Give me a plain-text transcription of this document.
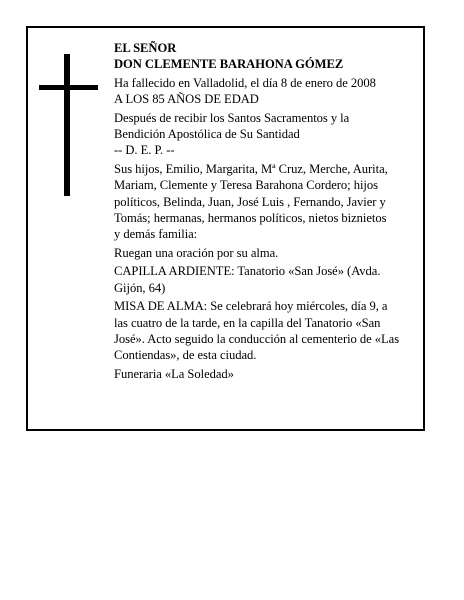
EL SEÑOR
DON CLEMENTE BARAHONA GÓMEZ
Ha fallecido en Valladolid, el día 8 de enero de 2008
A LOS 85 AÑOS DE EDAD
Después de recibir los Santos Sacramentos y la
Bendición Apostólica de Su Santidad
-- D. E. P. --
Sus hijos, Emilio, Margarita, Mª Cruz, Merche, Aurita,
Mariam, Clemente y Teresa Barahona Cordero; hijos
políticos, Belinda, Juan, José Luis , Fernando, Javier y
Tomás; hermanas, hermanos políticos, nietos biznietos
y demás familia:
Ruegan una oración por su alma.
CAPILLA ARDIENTE: Tanatorio «San José» (Avda.
Gijón, 64)
MISA DE ALMA: Se celebrará hoy miércoles, día 9, a
las cuatro de la tarde, en la capilla del Tanatorio «San
José». Acto seguido la conducción al cementerio de «Las
Contiendas», de esta ciudad.
Funeraria «La Soledad»
